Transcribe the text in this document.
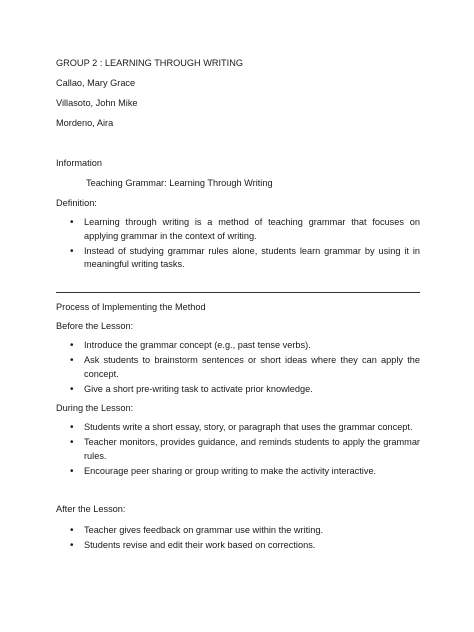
GROUP 2 : LEARNING THROUGH WRITING
Callao, Mary Grace
Villasoto, John Mike
Mordeno, Aira
Information
Teaching Grammar: Learning Through Writing
Definition:
• Learning through writing is a method of teaching grammar that focuses on applying grammar in the context of writing.
• Instead of studying grammar rules alone, students learn grammar by using it in meaningful writing tasks.
Process of Implementing the Method
Before the Lesson:
• Introduce the grammar concept (e.g., past tense verbs).
• Ask students to brainstorm sentences or short ideas where they can apply the concept.
• Give a short pre-writing task to activate prior knowledge.
During the Lesson:
• Students write a short essay, story, or paragraph that uses the grammar concept.
• Teacher monitors, provides guidance, and reminds students to apply the grammar rules.
• Encourage peer sharing or group writing to make the activity interactive.
After the Lesson:
• Teacher gives feedback on grammar use within the writing.
• Students revise and edit their work based on corrections.
